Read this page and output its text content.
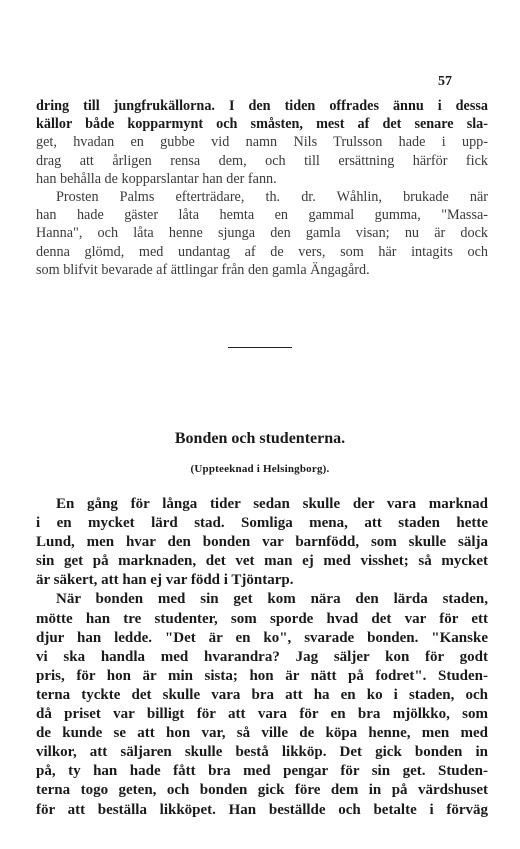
57
dring till jungfrukällorna. I den tiden offrades ännu i dessa
källor både kopparmynt och småsten, mest af det senare sla-
get, hvadan en gubbe vid namn Nils Trulsson hade i upp-
drag att årligen rensa dem, och till ersättning härför fick
han behålla de kopparslantar han der fann.
Prosten Palms efterträdare, th. dr. Wåhlin, brukade när
han hade gäster låta hemta en gammal gumma, "Massa-
Hanna", och låta henne sjunga den gamla visan; nu är dock
denna glömd, med undantag af de vers, som här intagits och
som blifvit bevarade af ättlingar från den gamla Ängagård.
Bonden och studenterna.

(Uppteeknad i Helsingborg).

En gång för långa tider sedan skulle der vara marknad
i en mycket lärd stad. Somliga mena, att staden hette
Lund, men hvar den bonden var barnfödd, som skulle sälja
sin get på marknaden, det vet man ej med visshet; så mycket
är säkert, att han ej var född i Tjöntarp.
När bonden med sin get kom nära den lärda staden,
mötte han tre studenter, som sporde hvad det var för ett
djur han ledde. "Det är en ko", svarade bonden. "Kanske
vi ska handla med hvarandra? Jag säljer kon för godt
pris, för hon är min sista; hon är nätt på fodret". Studen-
terna tyckte det skulle vara bra att ha en ko i staden, och
då priset var billigt för att vara för en bra mjölkko, som
de kunde se att hon var, så ville de köpa henne, men med
vilkor, att säljaren skulle bestå likköp. Det gick bonden in
på, ty han hade fått bra med pengar för sin get. Studen-
terna togo geten, och bonden gick före dem in på värdshuset
för att beställa likköpet. Han beställde och betalte i förväg
